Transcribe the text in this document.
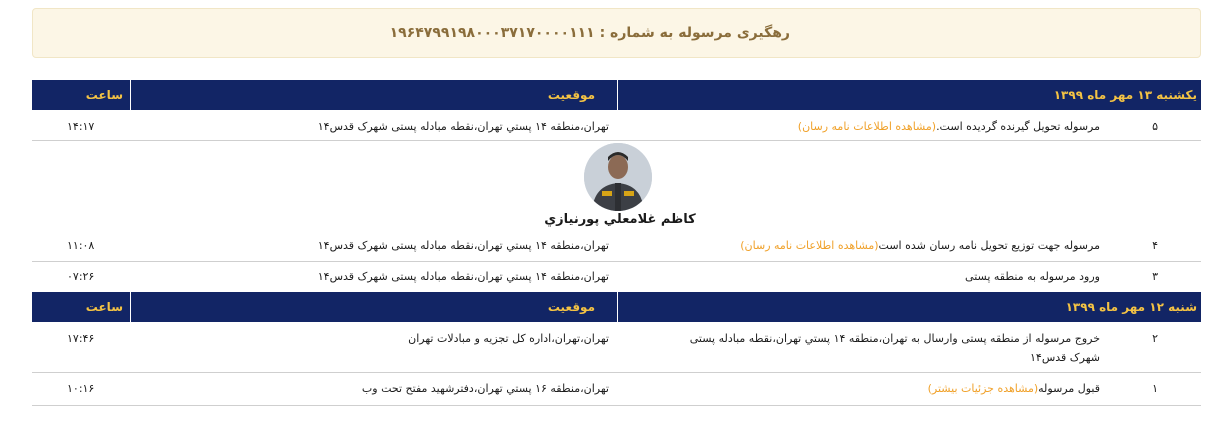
رهگیری مرسوله به شماره : ۱۹۶۴۷۹۹۱۹۸۰۰۰۳۷۱۷۰۰۰۰۱۱۱
یکشنبه ۱۳ مهر ماه ۱۳۹۹
موقعیت
ساعت
۵
مرسوله تحویل گیرنده گردیده است.(مشاهده اطلاعات نامه رسان)
تهران،منطقه ۱۴ پستي تهران،نقطه مبادله پستی شهرک قدس۱۴
۱۴:۱۷
كاظم غلامعلي پورنيازي
۴
مرسوله جهت توزیع تحویل نامه رسان شده است(مشاهده اطلاعات نامه رسان)
تهران،منطقه ۱۴ پستي تهران،نقطه مبادله پستی شهرک قدس۱۴
۱۱:۰۸
۳
ورود مرسوله به منطقه پستی
تهران،منطقه ۱۴ پستي تهران،نقطه مبادله پستی شهرک قدس۱۴
۰۷:۲۶
شنبه ۱۲ مهر ماه ۱۳۹۹
موقعیت
ساعت
۲
خروج مرسوله از منطقه پستی وارسال به تهران،منطقه ۱۴ پستي تهران،نقطه مبادله پستی
شهرک قدس۱۴
تهران،تهران،اداره کل تجزیه و مبادلات تهران
۱۷:۴۶
۱
قبول مرسوله(مشاهده جزئیات بیشتر)
تهران،منطقه ۱۶ پستي تهران،دفترشهید مفتح تحت وب
۱۰:۱۶
